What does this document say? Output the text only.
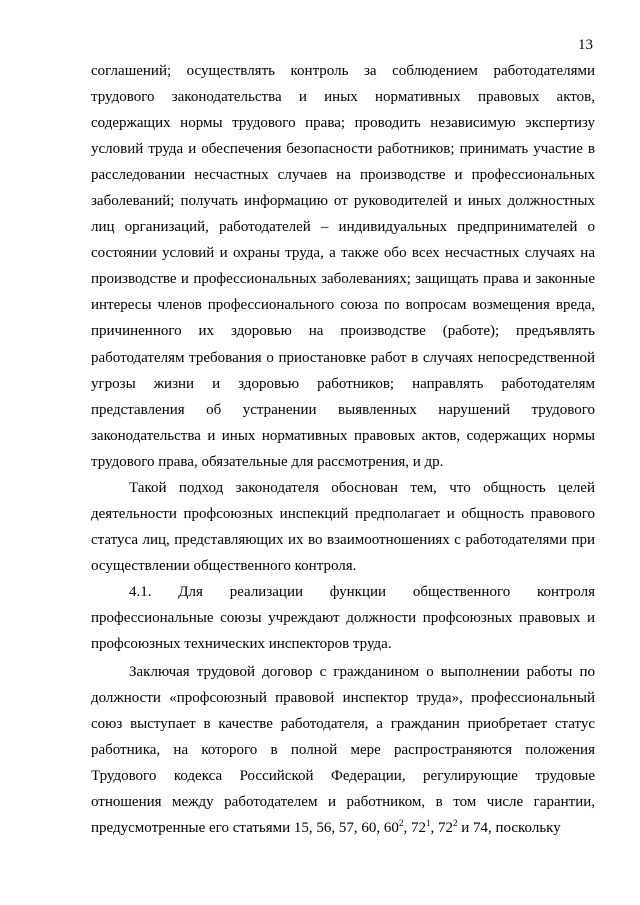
13

соглашений; осуществлять контроль за соблюдением работодателями трудового законодательства и иных нормативных правовых актов, содержащих нормы трудового права; проводить независимую экспертизу условий труда и обеспечения безопасности работников; принимать участие в расследовании несчастных случаев на производстве и профессиональных заболеваний; получать информацию от руководителей и иных должностных лиц организаций, работодателей – индивидуальных предпринимателей о состоянии условий и охраны труда, а также обо всех несчастных случаях на производстве и профессиональных заболеваниях; защищать права и законные интересы членов профессионального союза по вопросам возмещения вреда, причиненного их здоровью на производстве (работе); предъявлять работодателям требования о приостановке работ в случаях непосредственной угрозы жизни и здоровью работников; направлять работодателям представления об устранении выявленных нарушений трудового законодательства и иных нормативных правовых актов, содержащих нормы трудового права, обязательные для рассмотрения, и др.

Такой подход законодателя обоснован тем, что общность целей деятельности профсоюзных инспекций предполагает и общность правового статуса лиц, представляющих их во взаимоотношениях с работодателями при осуществлении общественного контроля.

4.1. Для реализации функции общественного контроля профессиональные союзы учреждают должности профсоюзных правовых и профсоюзных технических инспекторов труда.

Заключая трудовой договор с гражданином о выполнении работы по должности «профсоюзный правовой инспектор труда», профессиональный союз выступает в качестве работодателя, а гражданин приобретает статус работника, на которого в полной мере распространяются положения Трудового кодекса Российской Федерации, регулирующие трудовые отношения между работодателем и работником, в том числе гарантии, предусмотренные его статьями 15, 56, 57, 60, $60^2$, $72^1$, $72^2$ и 74, поскольку
